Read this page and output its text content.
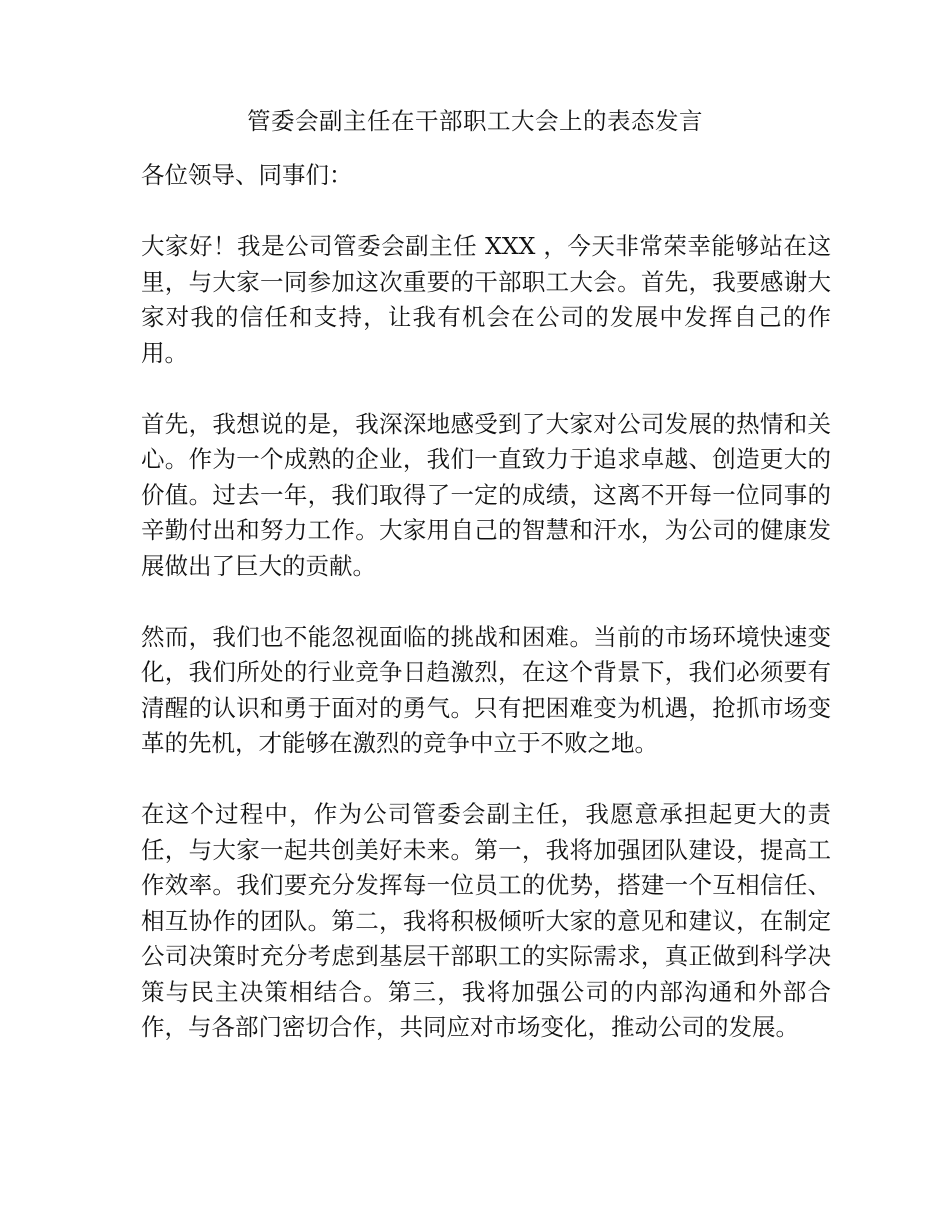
管委会副主任在干部职工大会上的表态发言

各位领导、同事们：

大家好！我是公司管委会副主任 XXX ，今天非常荣幸能够站在这里，与大家一同参加这次重要的干部职工大会。首先，我要感谢大家对我的信任和支持，让我有机会在公司的发展中发挥自己的作用。

首先，我想说的是，我深深地感受到了大家对公司发展的热情和关心。作为一个成熟的企业，我们一直致力于追求卓越、创造更大的价值。过去一年，我们取得了一定的成绩，这离不开每一位同事的辛勤付出和努力工作。大家用自己的智慧和汗水，为公司的健康发展做出了巨大的贡献。

然而，我们也不能忽视面临的挑战和困难。当前的市场环境快速变化，我们所处的行业竞争日趋激烈，在这个背景下，我们必须要有清醒的认识和勇于面对的勇气。只有把困难变为机遇，抢抓市场变革的先机，才能够在激烈的竞争中立于不败之地。

在这个过程中，作为公司管委会副主任，我愿意承担起更大的责任，与大家一起共创美好未来。第一，我将加强团队建设，提高工作效率。我们要充分发挥每一位员工的优势，搭建一个互相信任、相互协作的团队。第二，我将积极倾听大家的意见和建议，在制定公司决策时充分考虑到基层干部职工的实际需求，真正做到科学决策与民主决策相结合。第三，我将加强公司的内部沟通和外部合作，与各部门密切合作，共同应对市场变化，推动公司的发展。
